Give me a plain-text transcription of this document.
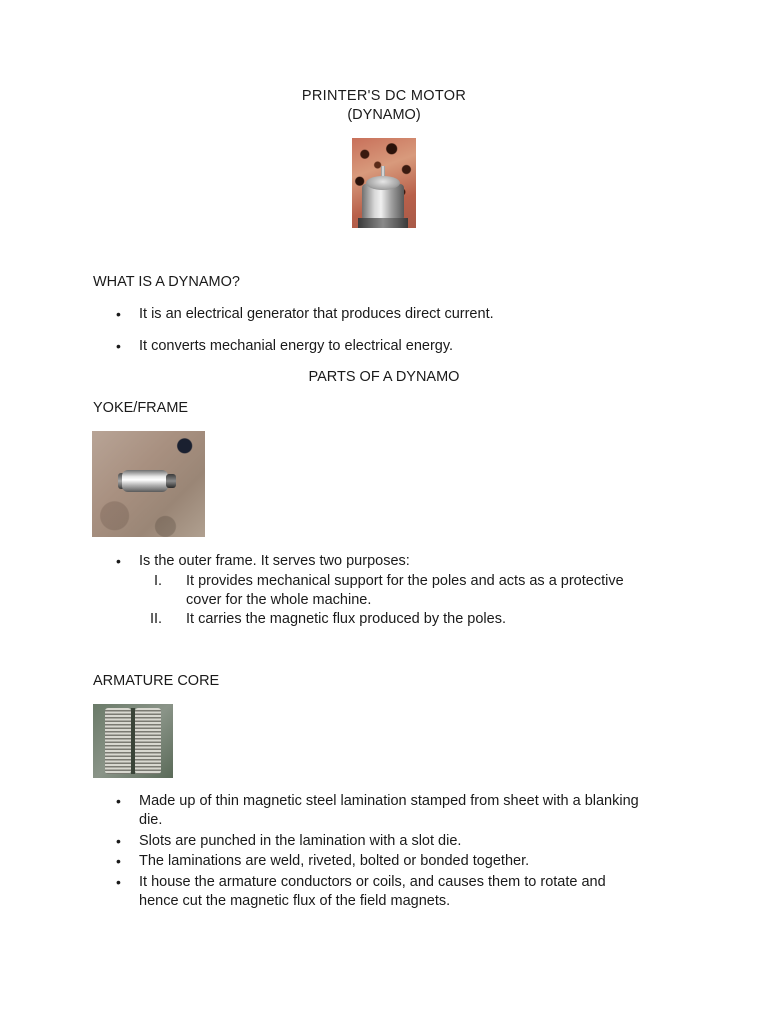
PRINTER'S DC MOTOR
(DYNAMO)
WHAT IS A DYNAMO?
• It is an electrical generator that produces direct current.
• It converts mechanial energy to electrical energy.
PARTS OF A DYNAMO
YOKE/FRAME
• Is the outer frame. It serves two purposes:
I. It provides mechanical support for the poles and acts as a protective
cover for the whole machine.
II. It carries the magnetic flux produced by the poles.
ARMATURE CORE
• Made up of thin magnetic steel lamination stamped from sheet with a blanking
die.
• Slots are punched in the lamination with a slot die.
• The laminations are weld, riveted, bolted or bonded together.
• It house the armature conductors or coils, and causes them to rotate and
hence cut the magnetic flux of the field magnets.
